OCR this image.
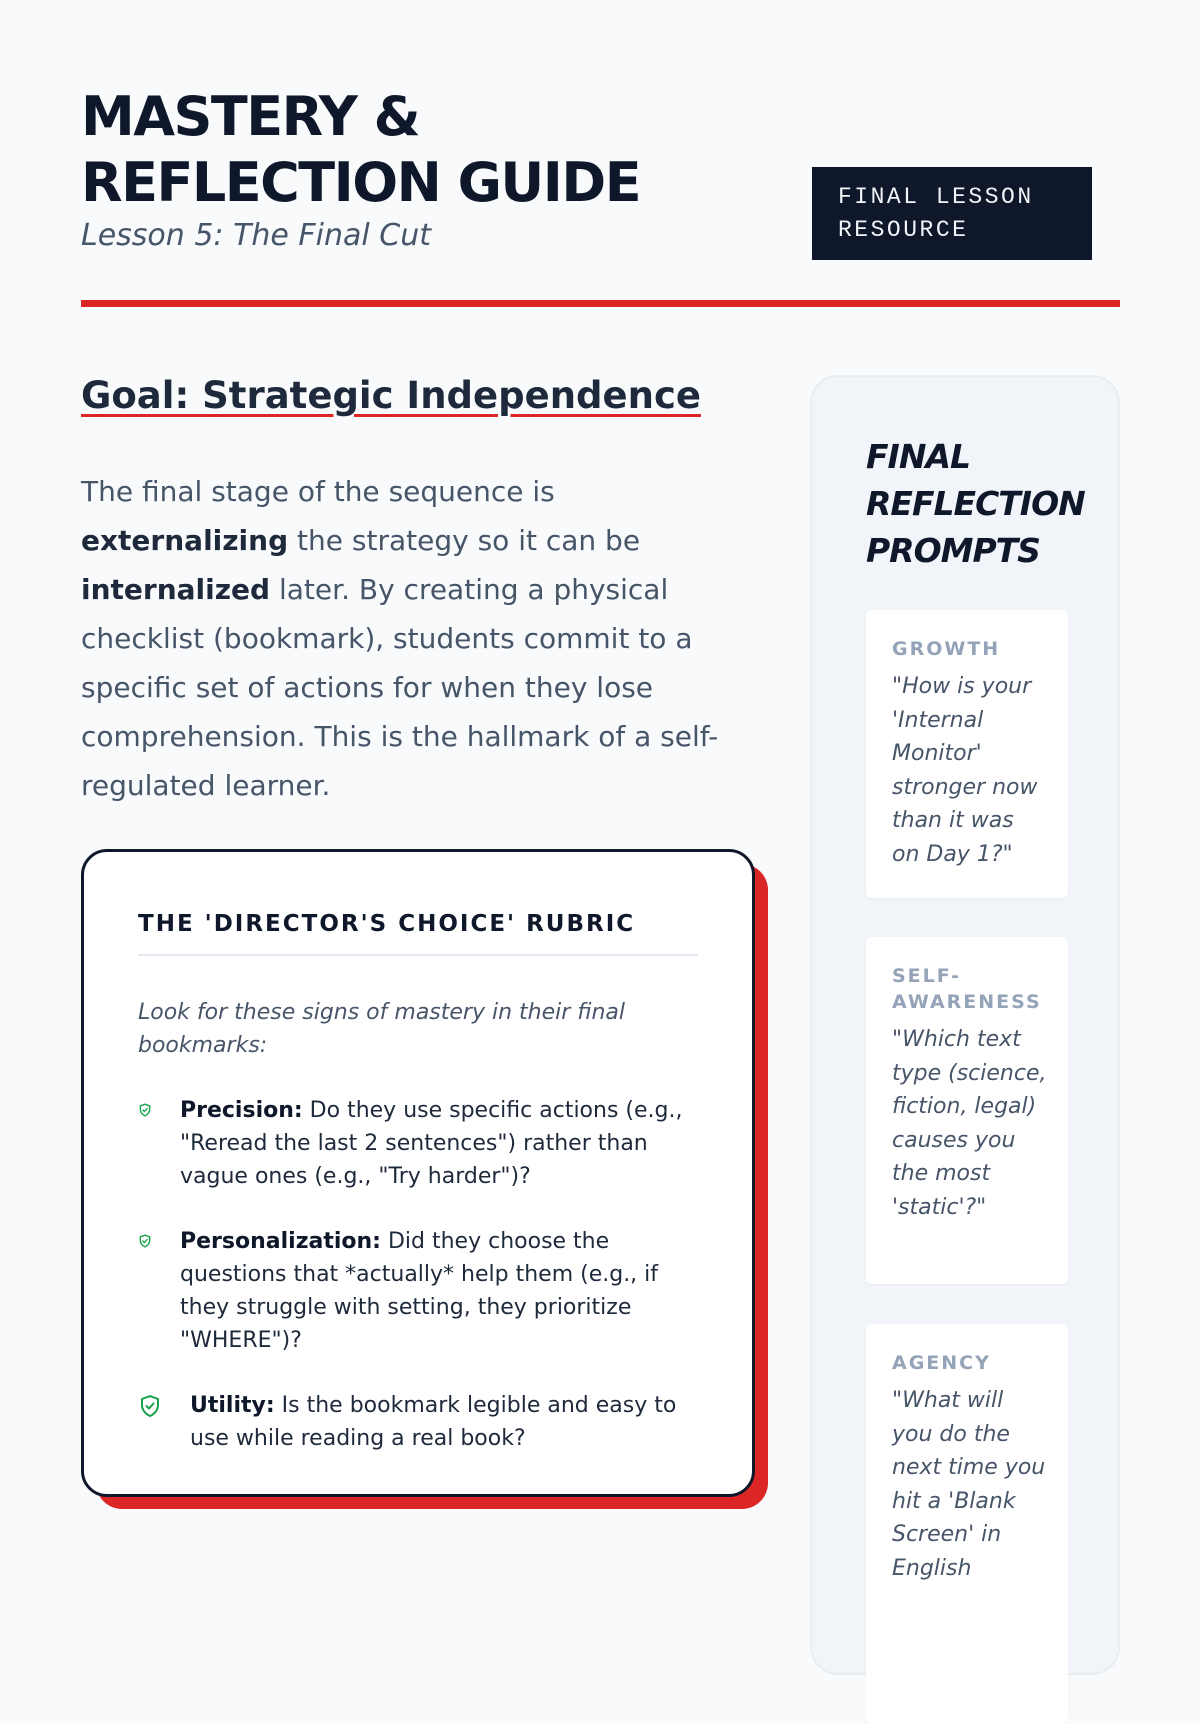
MASTERY & REFLECTION GUIDE

Lesson 5: The Final Cut

FINAL LESSON RESOURCE
Goal: Strategic Independence

The final stage of the sequence is externalizing the strategy so it can be internalized later. By creating a physical checklist (bookmark), students commit to a specific set of actions for when they lose comprehension. This is the hallmark of a self-regulated learner.

THE 'DIRECTOR'S CHOICE' RUBRIC

Look for these signs of mastery in their final bookmarks:

Precision: Do they use specific actions (e.g., "Reread the last 2 sentences") rather than vague ones (e.g., "Try harder")?
Personalization: Did they choose the questions that *actually* help them (e.g., if they struggle with setting, they prioritize "WHERE")?
Utility: Is the bookmark legible and easy to use while reading a real book?
FINAL REFLECTION PROMPTS

GROWTH

"How is your 'Internal Monitor' stronger now than it was on Day 1?"

SELF-AWARENESS

"Which text type (science, fiction, legal) causes you the most 'static'?"

AGENCY

"What will you do the next time you hit a 'Blank Screen' in English
